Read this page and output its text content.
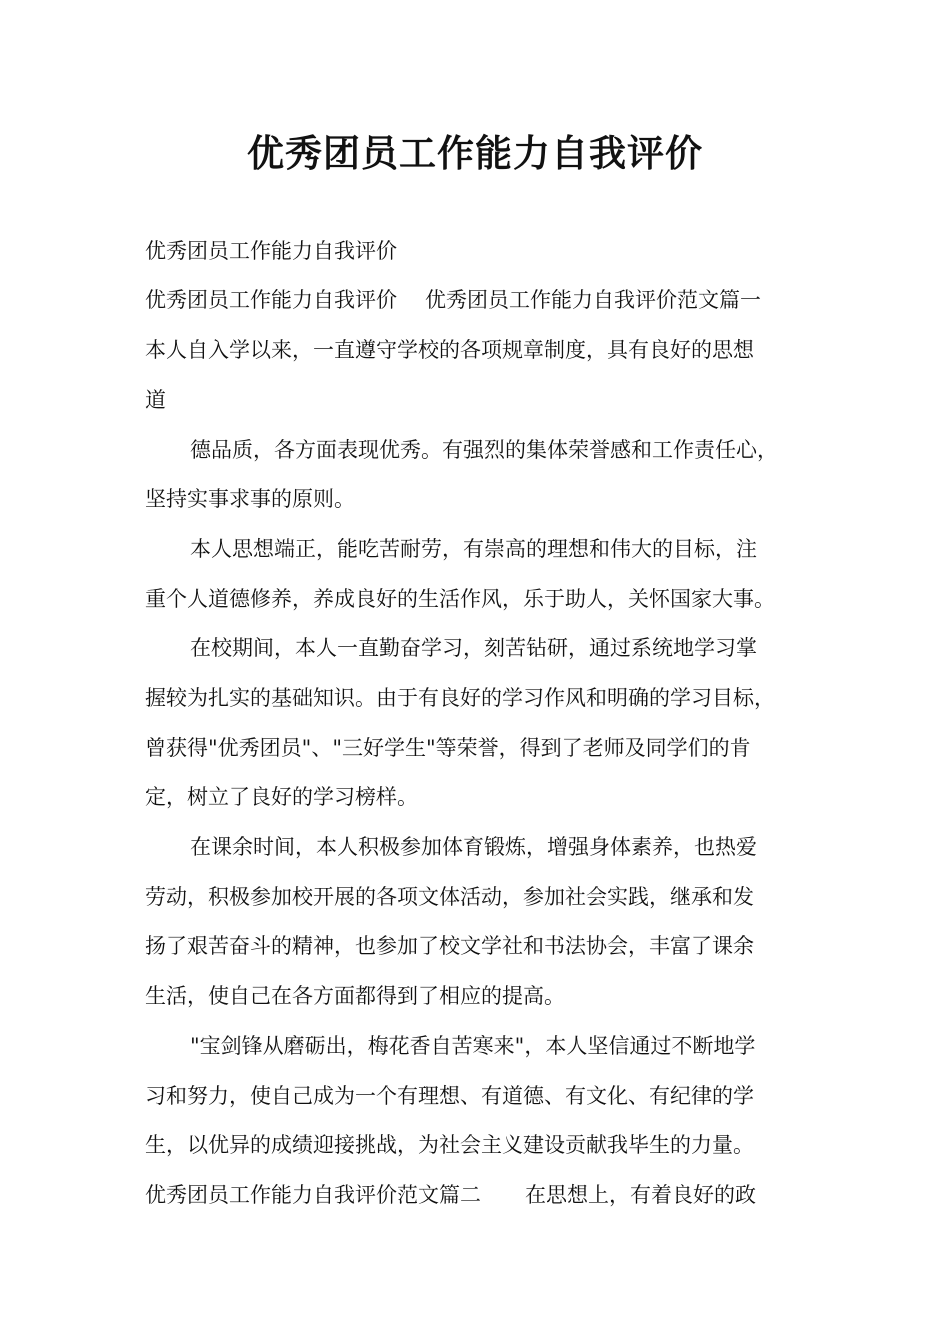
优秀团员工作能力自我评价

优秀团员工作能力自我评价

优秀团员工作能力自我评价 优秀团员工作能力自我评价范文篇一

本人自入学以来，一直遵守学校的各项规章制度，具有良好的思想

道

德品质，各方面表现优秀。有强烈的集体荣誉感和工作责任心，

坚持实事求事的原则。

本人思想端正，能吃苦耐劳，有崇高的理想和伟大的目标，注

重个人道德修养，养成良好的生活作风，乐于助人，关怀国家大事。

在校期间，本人一直勤奋学习，刻苦钻研，通过系统地学习掌

握较为扎实的基础知识。由于有良好的学习作风和明确的学习目标，

曾获得"优秀团员"、"三好学生"等荣誉，得到了老师及同学们的肯

定，树立了良好的学习榜样。

在课余时间，本人积极参加体育锻炼，增强身体素养，也热爱

劳动，积极参加校开展的各项文体活动，参加社会实践，继承和发

扬了艰苦奋斗的精神，也参加了校文学社和书法协会，丰富了课余

生活，使自己在各方面都得到了相应的提高。

"宝剑锋从磨砺出，梅花香自苦寒来"，本人坚信通过不断地学

习和努力，使自己成为一个有理想、有道德、有文化、有纪律的学

生，以优异的成绩迎接挑战，为社会主义建设贡献我毕生的力量。

优秀团员工作能力自我评价范文篇二 在思想上，有着良好的政
